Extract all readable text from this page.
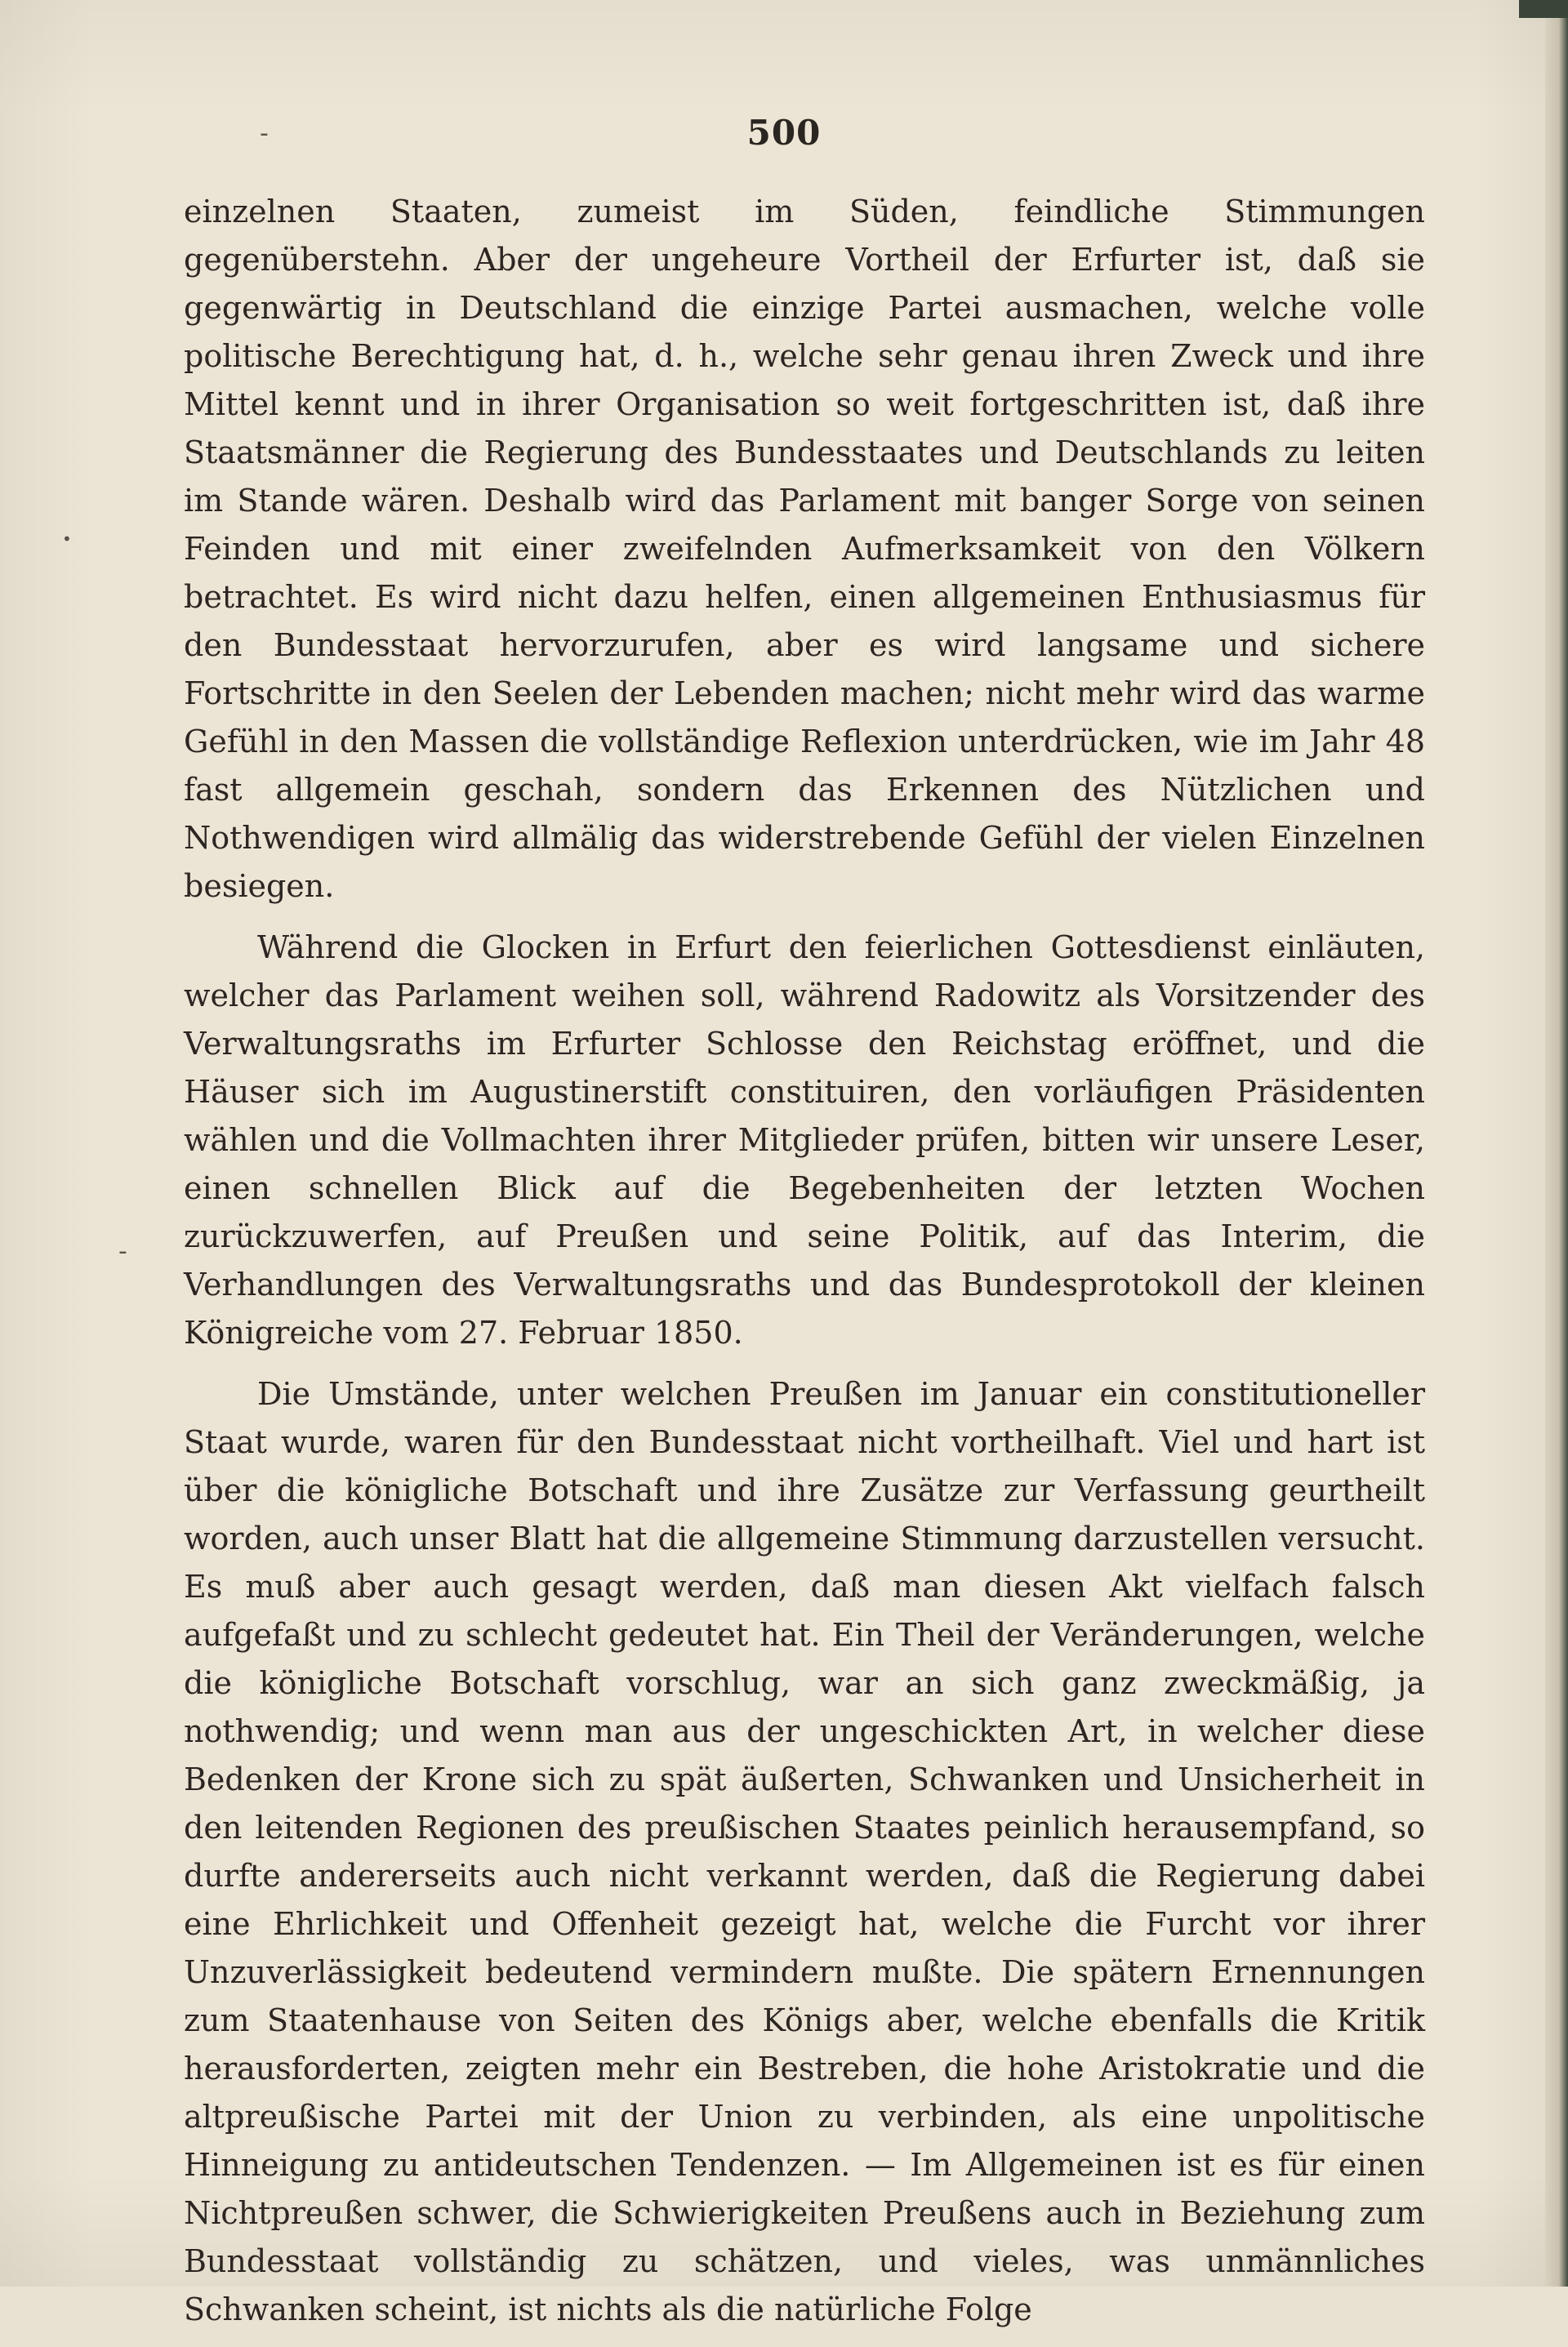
500
-
-
•

einzelnen Staaten, zumeist im Süden, feindliche Stimmungen gegenüberstehn. Aber der ungeheure Vortheil der Erfurter ist, daß sie gegenwärtig in Deutschland die einzige Partei ausmachen, welche volle politische Berechtigung hat, d. h., welche sehr genau ihren Zweck und ihre Mittel kennt und in ihrer Organisation so weit fortgeschritten ist, daß ihre Staatsmänner die Regierung des Bundesstaates und Deutschlands zu leiten im Stande wären. Deshalb wird das Parlament mit banger Sorge von seinen Feinden und mit einer zweifelnden Aufmerksamkeit von den Völkern betrachtet. Es wird nicht dazu helfen, einen allgemeinen Enthusiasmus für den Bundesstaat hervorzurufen, aber es wird langsame und sichere Fortschritte in den Seelen der Lebenden machen; nicht mehr wird das warme Gefühl in den Massen die vollständige Reflexion unterdrücken, wie im Jahr 48 fast allgemein geschah, sondern das Erkennen des Nützlichen und Nothwendigen wird allmälig das widerstrebende Gefühl der vielen Einzelnen besiegen.

Während die Glocken in Erfurt den feierlichen Gottesdienst einläuten, welcher das Parlament weihen soll, während Radowitz als Vorsitzender des Verwaltungsraths im Erfurter Schlosse den Reichstag eröffnet, und die Häuser sich im Augustinerstift constituiren, den vorläufigen Präsidenten wählen und die Vollmachten ihrer Mitglieder prüfen, bitten wir unsere Leser, einen schnellen Blick auf die Begebenheiten der letzten Wochen zurückzuwerfen, auf Preußen und seine Politik, auf das Interim, die Verhandlungen des Verwaltungsraths und das Bundesprotokoll der kleinen Königreiche vom 27. Februar 1850.

Die Umstände, unter welchen Preußen im Januar ein constitutioneller Staat wurde, waren für den Bundesstaat nicht vortheilhaft. Viel und hart ist über die königliche Botschaft und ihre Zusätze zur Verfassung geurtheilt worden, auch unser Blatt hat die allgemeine Stimmung darzustellen versucht. Es muß aber auch gesagt werden, daß man diesen Akt vielfach falsch aufgefaßt und zu schlecht gedeutet hat. Ein Theil der Veränderungen, welche die königliche Botschaft vorschlug, war an sich ganz zweckmäßig, ja nothwendig; und wenn man aus der ungeschickten Art, in welcher diese Bedenken der Krone sich zu spät äußerten, Schwanken und Unsicherheit in den leitenden Regionen des preußischen Staates peinlich herausempfand, so durfte andererseits auch nicht verkannt werden, daß die Regierung dabei eine Ehrlichkeit und Offenheit gezeigt hat, welche die Furcht vor ihrer Unzuverlässigkeit bedeutend vermindern mußte. Die spätern Ernennungen zum Staatenhause von Seiten des Königs aber, welche ebenfalls die Kritik herausforderten, zeigten mehr ein Bestreben, die hohe Aristokratie und die altpreußische Partei mit der Union zu verbinden, als eine unpolitische Hinneigung zu antideutschen Tendenzen. — Im Allgemeinen ist es für einen Nichtpreußen schwer, die Schwierigkeiten Preußens auch in Beziehung zum Bundesstaat vollständig zu schätzen, und vieles, was unmännliches Schwanken scheint, ist nichts als die natürliche Folge
